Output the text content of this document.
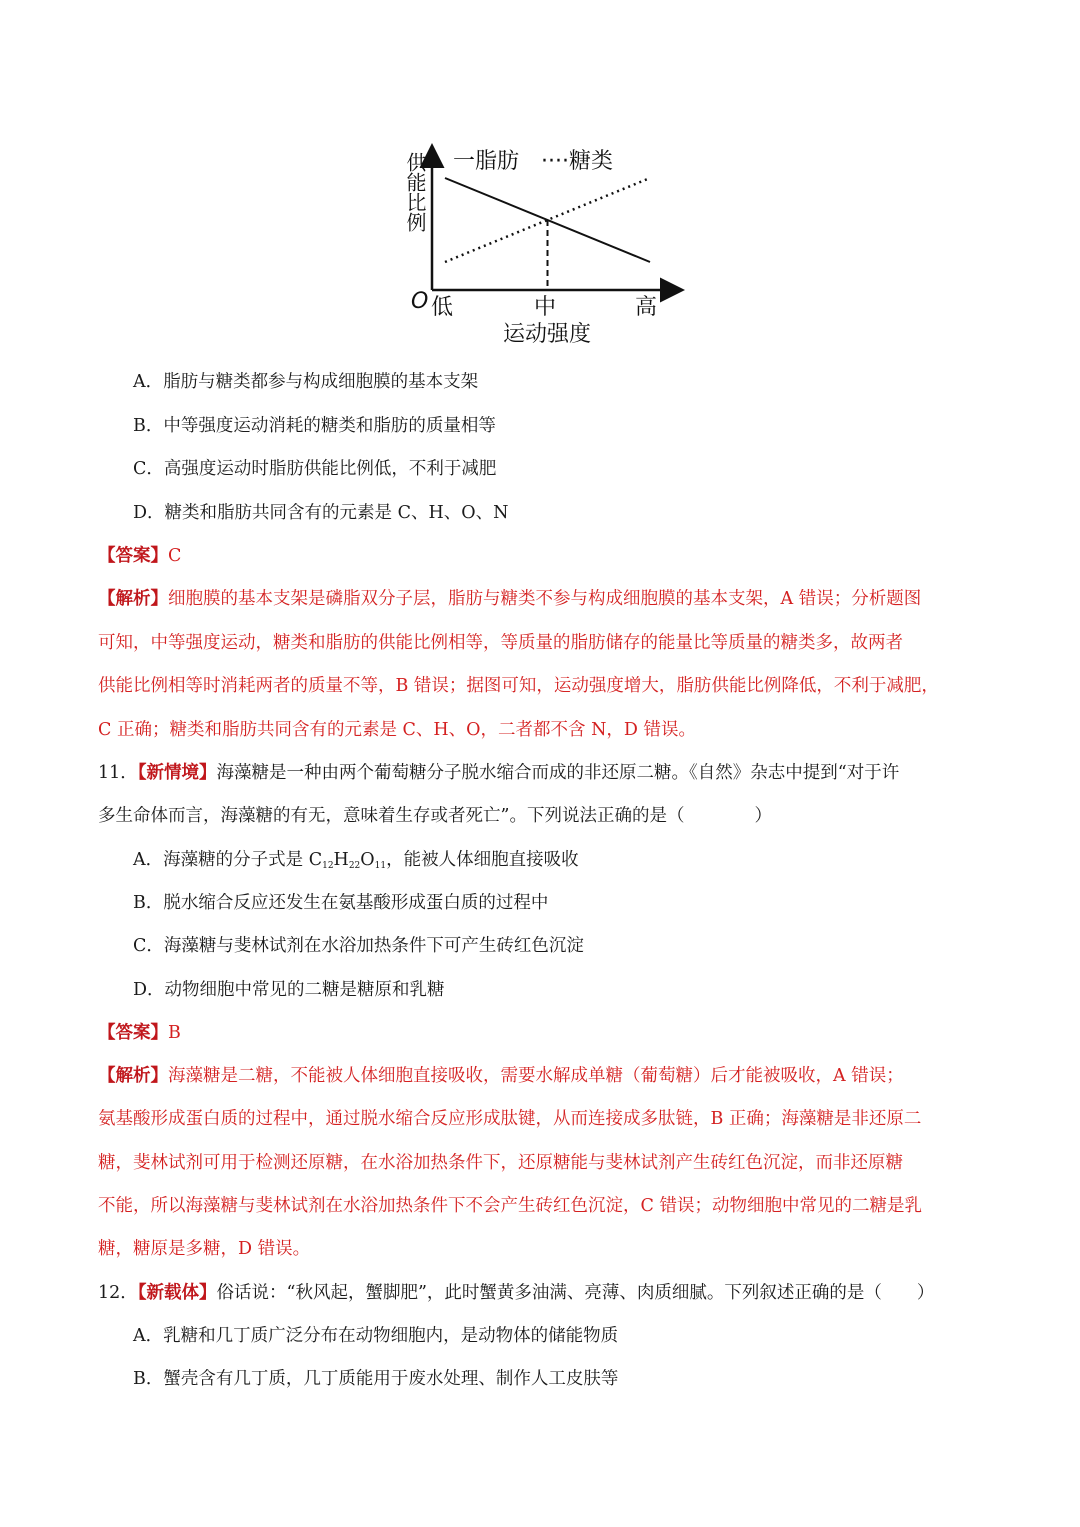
一脂肪 ····糖类
供能比例
O 低	中	高
运动强度
A．脂肪与糖类都参与构成细胞膜的基本支架
B．中等强度运动消耗的糖类和脂肪的质量相等
C．高强度运动时脂肪供能比例低，不利于减肥
D．糖类和脂肪共同含有的元素是 C、H、O、N
【答案】C
【解析】细胞膜的基本支架是磷脂双分子层，脂肪与糖类不参与构成细胞膜的基本支架，A 错误；分析题图
可知，中等强度运动，糖类和脂肪的供能比例相等，等质量的脂肪储存的能量比等质量的糖类多，故两者
供能比例相等时消耗两者的质量不等，B 错误；据图可知，运动强度增大，脂肪供能比例降低，不利于减肥，
C 正确；糖类和脂肪共同含有的元素是 C、H、O，二者都不含 N，D 错误。
11．【新情境】海藻糖是一种由两个葡萄糖分子脱水缩合而成的非还原二糖。《自然》杂志中提到“对于许
多生命体而言，海藻糖的有无，意味着生存或者死亡”。下列说法正确的是（　　　　）
A．海藻糖的分子式是 $C_{12}H_{22}O_{11}$，能被人体细胞直接吸收
B．脱水缩合反应还发生在氨基酸形成蛋白质的过程中
C．海藻糖与斐林试剂在水浴加热条件下可产生砖红色沉淀
D．动物细胞中常见的二糖是糖原和乳糖
【答案】B
【解析】海藻糖是二糖，不能被人体细胞直接吸收，需要水解成单糖（葡萄糖）后才能被吸收，A 错误；
氨基酸形成蛋白质的过程中，通过脱水缩合反应形成肽键，从而连接成多肽链，B 正确；海藻糖是非还原二
糖，斐林试剂可用于检测还原糖，在水浴加热条件下，还原糖能与斐林试剂产生砖红色沉淀，而非还原糖
不能，所以海藻糖与斐林试剂在水浴加热条件下不会产生砖红色沉淀，C 错误；动物细胞中常见的二糖是乳
糖，糖原是多糖，D 错误。
12．【新载体】俗话说：“秋风起，蟹脚肥”，此时蟹黄多油满、亮薄、肉质细腻。下列叙述正确的是（　　）
A．乳糖和几丁质广泛分布在动物细胞内，是动物体的储能物质
B．蟹壳含有几丁质，几丁质能用于废水处理、制作人工皮肤等
